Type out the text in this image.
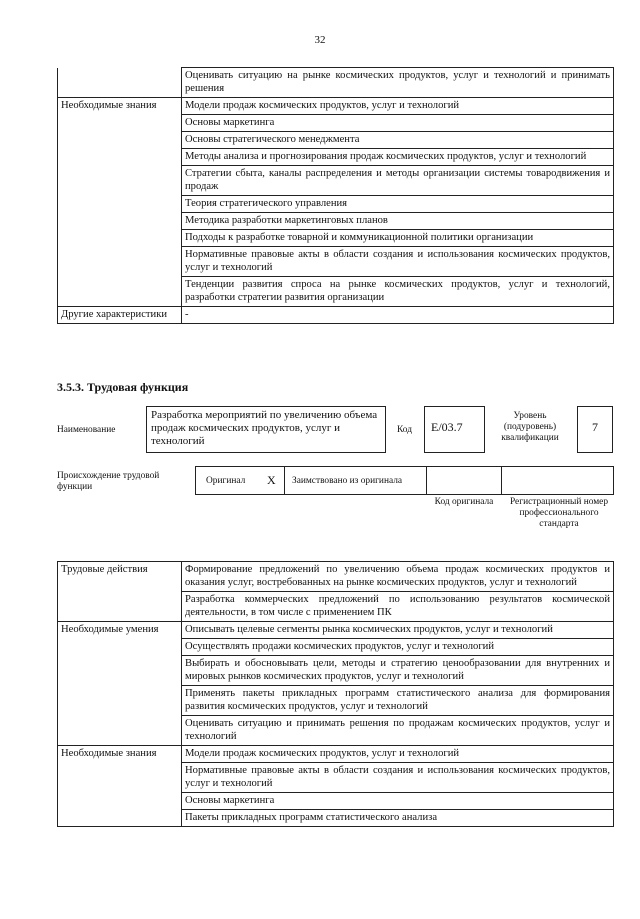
32
	Оценивать ситуацию на рынке космических продуктов, услуг и технологий и принимать решения
Необходимые знания	Модели продаж космических продуктов, услуг и технологий
	Основы маркетинга
	Основы стратегического менеджмента
	Методы анализа и прогнозирования продаж космических продуктов, услуг и технологий
	Стратегии сбыта, каналы распределения и методы организации системы товародвижения и продаж
	Теория стратегического управления
	Методика разработки маркетинговых планов
	Подходы к разработке товарной и коммуникационной политики организации
	Нормативные правовые акты в области создания и использования космических продуктов, услуг и технологий
	Тенденции развития спроса на рынке космических продуктов, услуг и технологий, разработки стратегии развития организации
Другие характеристики	-
3.5.3. Трудовая функция
Наименование
Разработка мероприятий по увеличению объема продаж космических продуктов, услуг и технологий
Код	E/03.7
Уровень (подуровень) квалификации
7
Происхождение трудовой функции
Оригинал X Заимствовано из оригинала
Код оригинала	Регистрационный номер профессионального стандарта
Трудовые действия	Формирование предложений по увеличению объема продаж космических продуктов и оказания услуг, востребованных на рынке космических продуктов, услуг и технологий
	Разработка коммерческих предложений по использованию результатов космической деятельности, в том числе с применением ПК
Необходимые умения	Описывать целевые сегменты рынка космических продуктов, услуг и технологий
	Осуществлять продажи космических продуктов, услуг и технологий
	Выбирать и обосновывать цели, методы и стратегию ценообразовании для внутренних и мировых рынков космических продуктов, услуг и технологий
	Применять пакеты прикладных программ статистического анализа для формирования развития космических продуктов, услуг и технологий
	Оценивать ситуацию и принимать решения по продажам космических продуктов, услуг и технологий
Необходимые знания	Модели продаж космических продуктов, услуг и технологий
	Нормативные правовые акты в области создания и использования космических продуктов, услуг и технологий
	Основы маркетинга
	Пакеты прикладных программ статистического анализа
